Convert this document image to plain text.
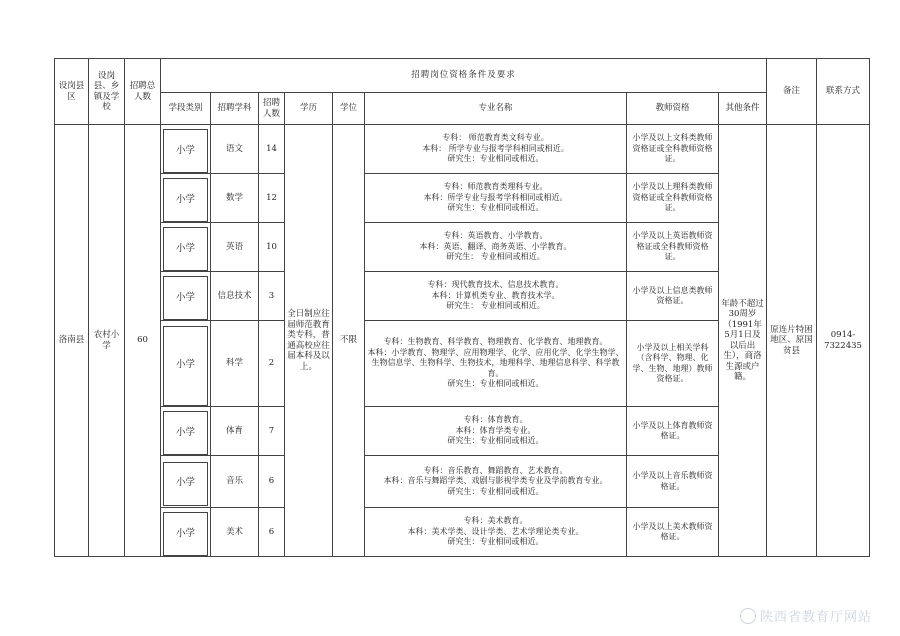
设岗县区	设岗县、乡镇及学校	招聘总人数	招聘岗位资格条件及要求								备注	联系方式
			学段类别	招聘学科	招聘人数	学历	学位	专业名称	教师资格	其他条件		
洛南县	农村小学	60	小学	语文	14	全日制应往届师范教育类专科，普通高校应往届本科及以上。	不限	专科： 师范教育类文科专业。
本科： 所学专业与报考学科相同或相近。
研究生：专业相同或相近。	小学及以上文科类教师资格证或全科教师资格证。	年龄不超过30周岁（1991年5月1日及以后出生），商洛生源或户籍。	原连片特困地区、原国贫县	0914-7322435

小学	数学	12			专科：师范教育类理科专业。
本科：所学专业与报考学科相同或相近。
研究生：专业相同或相近。	小学及以上理科类教师资格证或全科教师资格证。			

小学	英语	10			专科：英语教育、小学教育。
本科：英语、翻译、商务英语、小学教育。
研究生： 专业相同或相近。	小学及以上英语教师资格证或全科教师资格证。			

小学	信息技术	3			专科：现代教育技术、信息技术教育。
本科：计算机类专业、教育技术学。
研究生： 专业相同或相近。	小学及以上信息类教师资格证。			

小学	科学	2			专科：生物教育、科学教育、物理教育、化学教育、地理教育。
本科：小学教育、物理学、应用物理学、化学、应用化学、化学生物学、生物信息学、生物科学、生物技术，地理科学、地理信息科学、科学教育。
研究生：专业相同或相近。	小学及以上相关学科（含科学、物理、化学、生物、地理）教师资格证。			

小学	体育	7			专科：体育教育。
本科：体育学类专业。
研究生：专业相同或相近。	小学及以上体育教师资格证。			

小学	音乐	6			专科：音乐教育、舞蹈教育、艺术教育。
本科：音乐与舞蹈学类、戏剧与影视学类专业及学前教育专业。
研究生：专业相同或相近。	小学及以上音乐教师资格证。			

小学	美术	6			专科：美术教育。
本科：美术学类、设计学类、艺术学理论类专业。
研究生：专业相同或相近。	小学及以上美术教师资格证。			
陕西省教育厅网站
